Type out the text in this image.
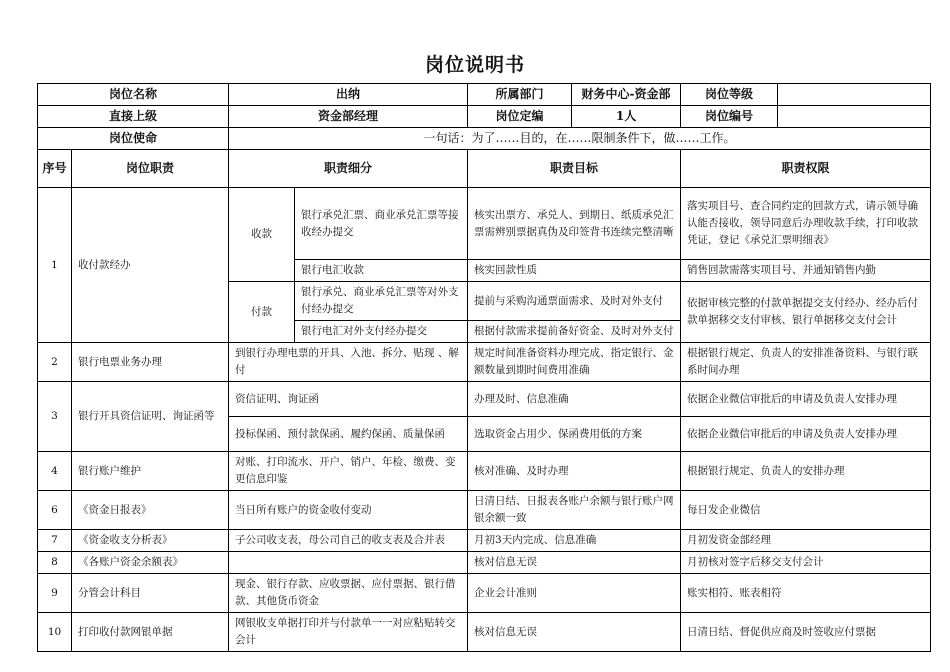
岗位说明书
岗位名称		出纳		所属部门	财务中心-资金部	岗位等级	
直接上级		资金部经理		岗位定编	1人	岗位编号	
岗位使命		一句话：为了……目的，在……限制条件下，做……工作。					
序号	岗位职责	职责细分		职责目标		职责权限	
1	收付款经办	收款	银行承兑汇票、商业承兑汇票等接收经办提交	核实出票方、承兑人、到期日、纸质承兑汇票需辨别票据真伪及印签背书连续完整清晰		落实项目号、查合同约定的回款方式，请示领导确认能否接收，领导同意后办理收款手续，打印收款凭证，登记《承兑汇票明细表》	
			银行电汇收款	核实回款性质		销售回款需落实项目号、并通知销售内勤	
		付款	银行承兑、商业承兑汇票等对外支付经办提交	提前与采购沟通票面需求、及时对外支付		依据审核完整的付款单据提交支付经办、经办后付款单据移交支付审核、银行单据移交支付会计	
			银行电汇对外支付经办提交	根据付款需求提前备好资金、及时对外支付			
2	银行电票业务办理	到银行办理电票的开具、入池、拆分、贴现 、解付		规定时间准备资料办理完成、指定银行、金额数量到期时间费用准确		根据银行规定、负责人的安排准备资料、与银行联系时间办理	
3	银行开具资信证明、询证函等	资信证明、询证函		办理及时、信息准确		依据企业微信审批后的申请及负责人安排办理	
		投标保函、预付款保函、履约保函、质量保函		选取资金占用少、保函费用低的方案		依据企业微信审批后的申请及负责人安排办理	
4	银行账户维护	对账、打印流水、开户、销户、年检、缴费、变更信息印鉴		核对准确、及时办理		根据银行规定、负责人的安排办理	
6	《资金日报表》	当日所有账户的资金收付变动		日清日结、日报表各账户余额与银行账户网银余额一致		每日发企业微信	
7	《资金收支分析表》	子公司收支表，母公司自己的收支表及合并表		月初3天内完成、信息准确		月初发资金部经理	
8	《各账户资金余额表》			核对信息无误		月初核对签字后移交支付会计	
9	分管会计科目	现金、银行存款、应收票据、应付票据、银行借款、其他货币资金		企业会计准则		账实相符、账表相符	
10	打印收付款网银单据	网银收支单据打印并与付款单一一对应粘贴转交会计		核对信息无误		日清日结、督促供应商及时签收应付票据	
